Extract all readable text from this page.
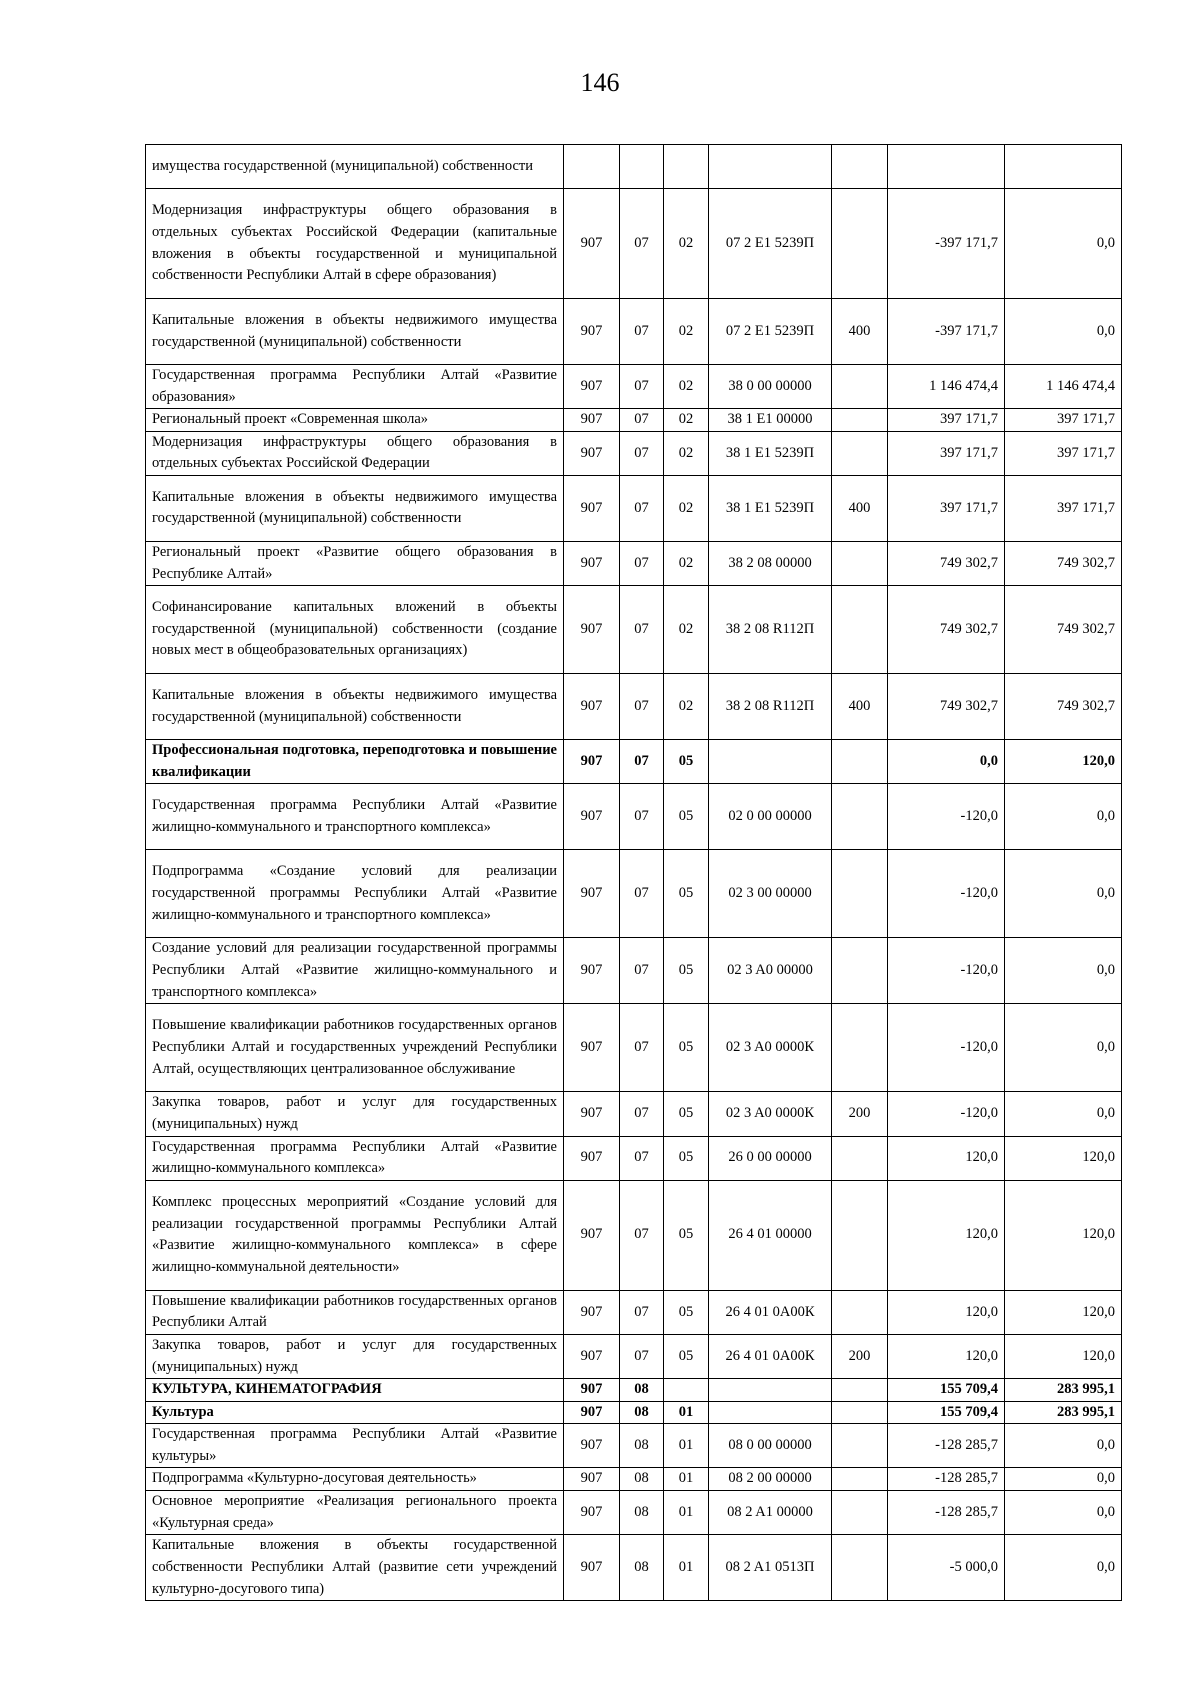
146
имущества государственной (муниципальной) собственности							
Модернизация инфраструктуры общего образования в отдельных субъектах Российской Федерации (капитальные вложения в объекты государственной и муниципальной собственности Республики Алтай в сфере образования)	907	07	02	07 2 E1 5239П		-397 171,7	0,0
Капитальные вложения в объекты недвижимого имущества государственной (муниципальной) собственности	907	07	02	07 2 E1 5239П	400	-397 171,7	0,0
Государственная программа Республики Алтай «Развитие образования»	907	07	02	38 0 00 00000		1 146 474,4	1 146 474,4
Региональный проект «Современная школа»	907	07	02	38 1 E1 00000		397 171,7	397 171,7
Модернизация инфраструктуры общего образования в отдельных субъектах Российской Федерации	907	07	02	38 1 E1 5239П		397 171,7	397 171,7
Капитальные вложения в объекты недвижимого имущества государственной (муниципальной) собственности	907	07	02	38 1 E1 5239П	400	397 171,7	397 171,7
Региональный проект «Развитие общего образования в Республике Алтай»	907	07	02	38 2 08 00000		749 302,7	749 302,7
Софинансирование капитальных вложений в объекты государственной (муниципальной) собственности (создание новых мест в общеобразовательных организациях)	907	07	02	38 2 08 R112П		749 302,7	749 302,7
Капитальные вложения в объекты недвижимого имущества государственной (муниципальной) собственности	907	07	02	38 2 08 R112П	400	749 302,7	749 302,7
Профессиональная подготовка, переподготовка и повышение квалификации	907	07	05			0,0	120,0
Государственная программа Республики Алтай «Развитие жилищно-коммунального и транспортного комплекса»	907	07	05	02 0 00 00000		-120,0	0,0
Подпрограмма «Создание условий для реализации государственной программы Республики Алтай «Развитие жилищно-коммунального и транспортного комплекса»	907	07	05	02 3 00 00000		-120,0	0,0
Создание условий для реализации государственной программы Республики Алтай «Развитие жилищно-коммунального и транспортного комплекса»	907	07	05	02 3 A0 00000		-120,0	0,0
Повышение квалификации работников государственных органов Республики Алтай и государственных учреждений Республики Алтай, осуществляющих централизованное обслуживание	907	07	05	02 3 A0 0000К		-120,0	0,0
Закупка товаров, работ и услуг для государственных (муниципальных) нужд	907	07	05	02 3 A0 0000К	200	-120,0	0,0
Государственная программа Республики Алтай «Развитие жилищно-коммунального комплекса»	907	07	05	26 0 00 00000		120,0	120,0
Комплекс процессных мероприятий «Создание условий для реализации государственной программы Республики Алтай «Развитие жилищно-коммунального комплекса» в сфере жилищно-коммунальной деятельности»	907	07	05	26 4 01 00000		120,0	120,0
Повышение квалификации работников государственных органов Республики Алтай	907	07	05	26 4 01 0A00К		120,0	120,0
Закупка товаров, работ и услуг для государственных (муниципальных) нужд	907	07	05	26 4 01 0A00К	200	120,0	120,0
КУЛЬТУРА, КИНЕМАТОГРАФИЯ	907	08				155 709,4	283 995,1
Культура	907	08	01			155 709,4	283 995,1
Государственная программа Республики Алтай «Развитие культуры»	907	08	01	08 0 00 00000		-128 285,7	0,0
Подпрограмма «Культурно-досуговая деятельность»	907	08	01	08 2 00 00000		-128 285,7	0,0
Основное мероприятие «Реализация регионального проекта «Культурная среда»	907	08	01	08 2 A1 00000		-128 285,7	0,0
Капитальные вложения в объекты государственной собственности Республики Алтай (развитие сети учреждений культурно-досугового типа)	907	08	01	08 2 A1 0513П		-5 000,0	0,0
